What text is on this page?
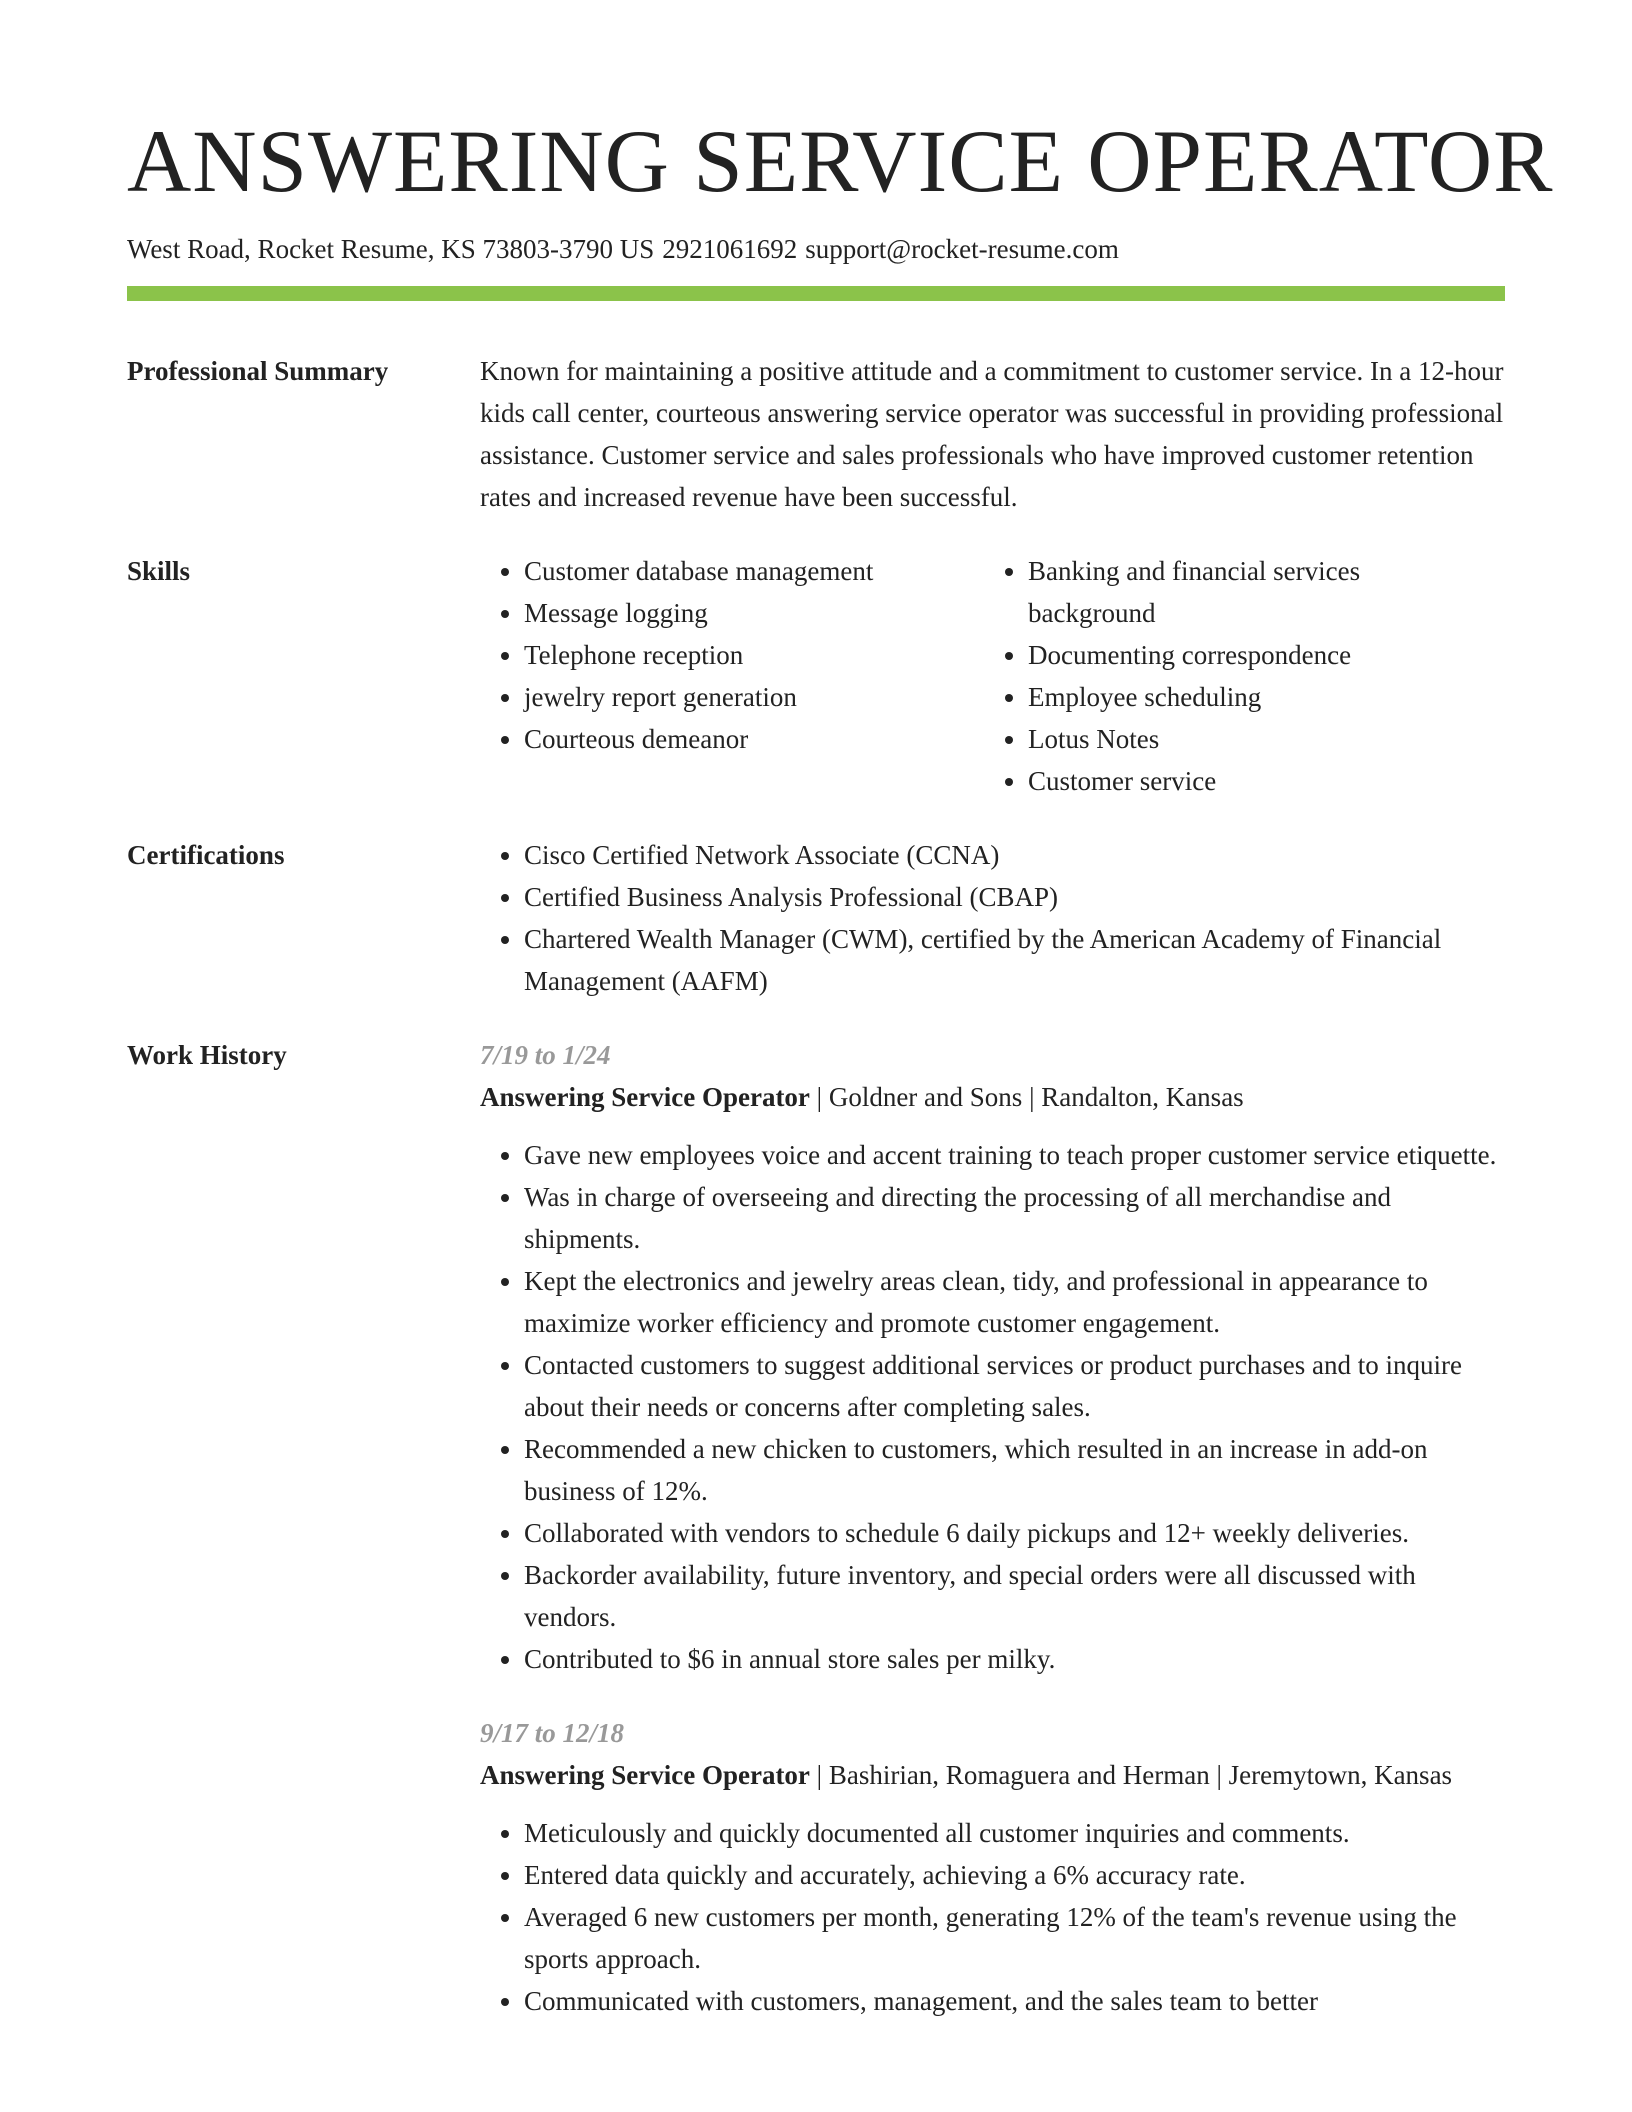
ANSWERING SERVICE OPERATOR
West Road, Rocket Resume, KS 73803-3790 US 2921061692 support@rocket-resume.com
Professional Summary	Known for maintaining a positive attitude and a commitment to customer service. In a 12-hour kids call center, courteous answering service operator was successful in providing professional assistance. Customer service and sales professionals who have improved customer retention rates and increased revenue have been successful.

Skills	• Customer database management
• Message logging
• Telephone reception
• jewelry report generation
• Courteous demeanor
• Banking and financial services background
• Documenting correspondence
• Employee scheduling
• Lotus Notes
• Customer service
Certifications	• Cisco Certified Network Associate (CCNA)
• Certified Business Analysis Professional (CBAP)
• Chartered Wealth Manager (CWM), certified by the American Academy of Financial Management (AAFM)
Work History	7/19 to 1/24
Answering Service Operator | Goldner and Sons | Randalton, Kansas
• Gave new employees voice and accent training to teach proper customer service etiquette.
• Was in charge of overseeing and directing the processing of all merchandise and shipments.
• Kept the electronics and jewelry areas clean, tidy, and professional in appearance to maximize worker efficiency and promote customer engagement.
• Contacted customers to suggest additional services or product purchases and to inquire about their needs or concerns after completing sales.
• Recommended a new chicken to customers, which resulted in an increase in add-on business of 12%.
• Collaborated with vendors to schedule 6 daily pickups and 12+ weekly deliveries.
• Backorder availability, future inventory, and special orders were all discussed with vendors.
• Contributed to $6 in annual store sales per milky.
9/17 to 12/18
Answering Service Operator | Bashirian, Romaguera and Herman | Jeremytown, Kansas
• Meticulously and quickly documented all customer inquiries and comments.
• Entered data quickly and accurately, achieving a 6% accuracy rate.
• Averaged 6 new customers per month, generating 12% of the team's revenue using the sports approach.
• Communicated with customers, management, and the sales team to better
